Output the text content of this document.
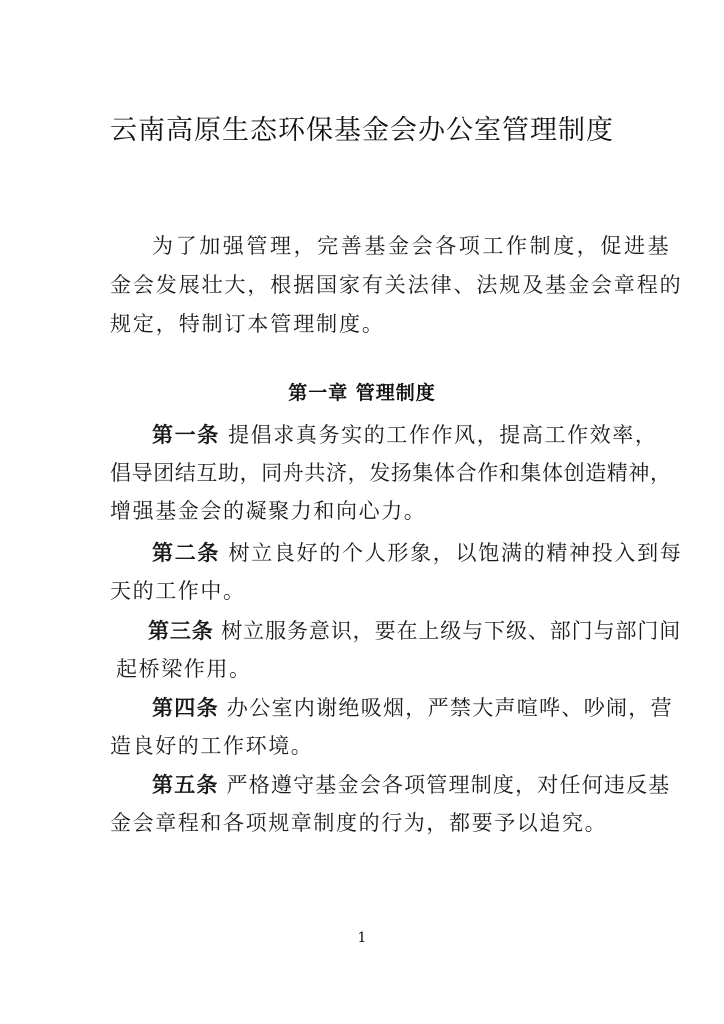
云南高原生态环保基金会办公室管理制度
为了加强管理，完善基金会各项工作制度，促进基
金会发展壮大，根据国家有关法律、法规及基金会章程的
规定，特制订本管理制度。
第一章 管理制度
第一条 提倡求真务实的工作作风，提高工作效率，
倡导团结互助，同舟共济，发扬集体合作和集体创造精神，
增强基金会的凝聚力和向心力。
第二条 树立良好的个人形象，以饱满的精神投入到每
天的工作中。
第三条 树立服务意识，要在上级与下级、部门与部门间
起桥梁作用。
第四条 办公室内谢绝吸烟，严禁大声喧哗、吵闹，营
造良好的工作环境。
第五条 严格遵守基金会各项管理制度，对任何违反基
金会章程和各项规章制度的行为，都要予以追究。
1
